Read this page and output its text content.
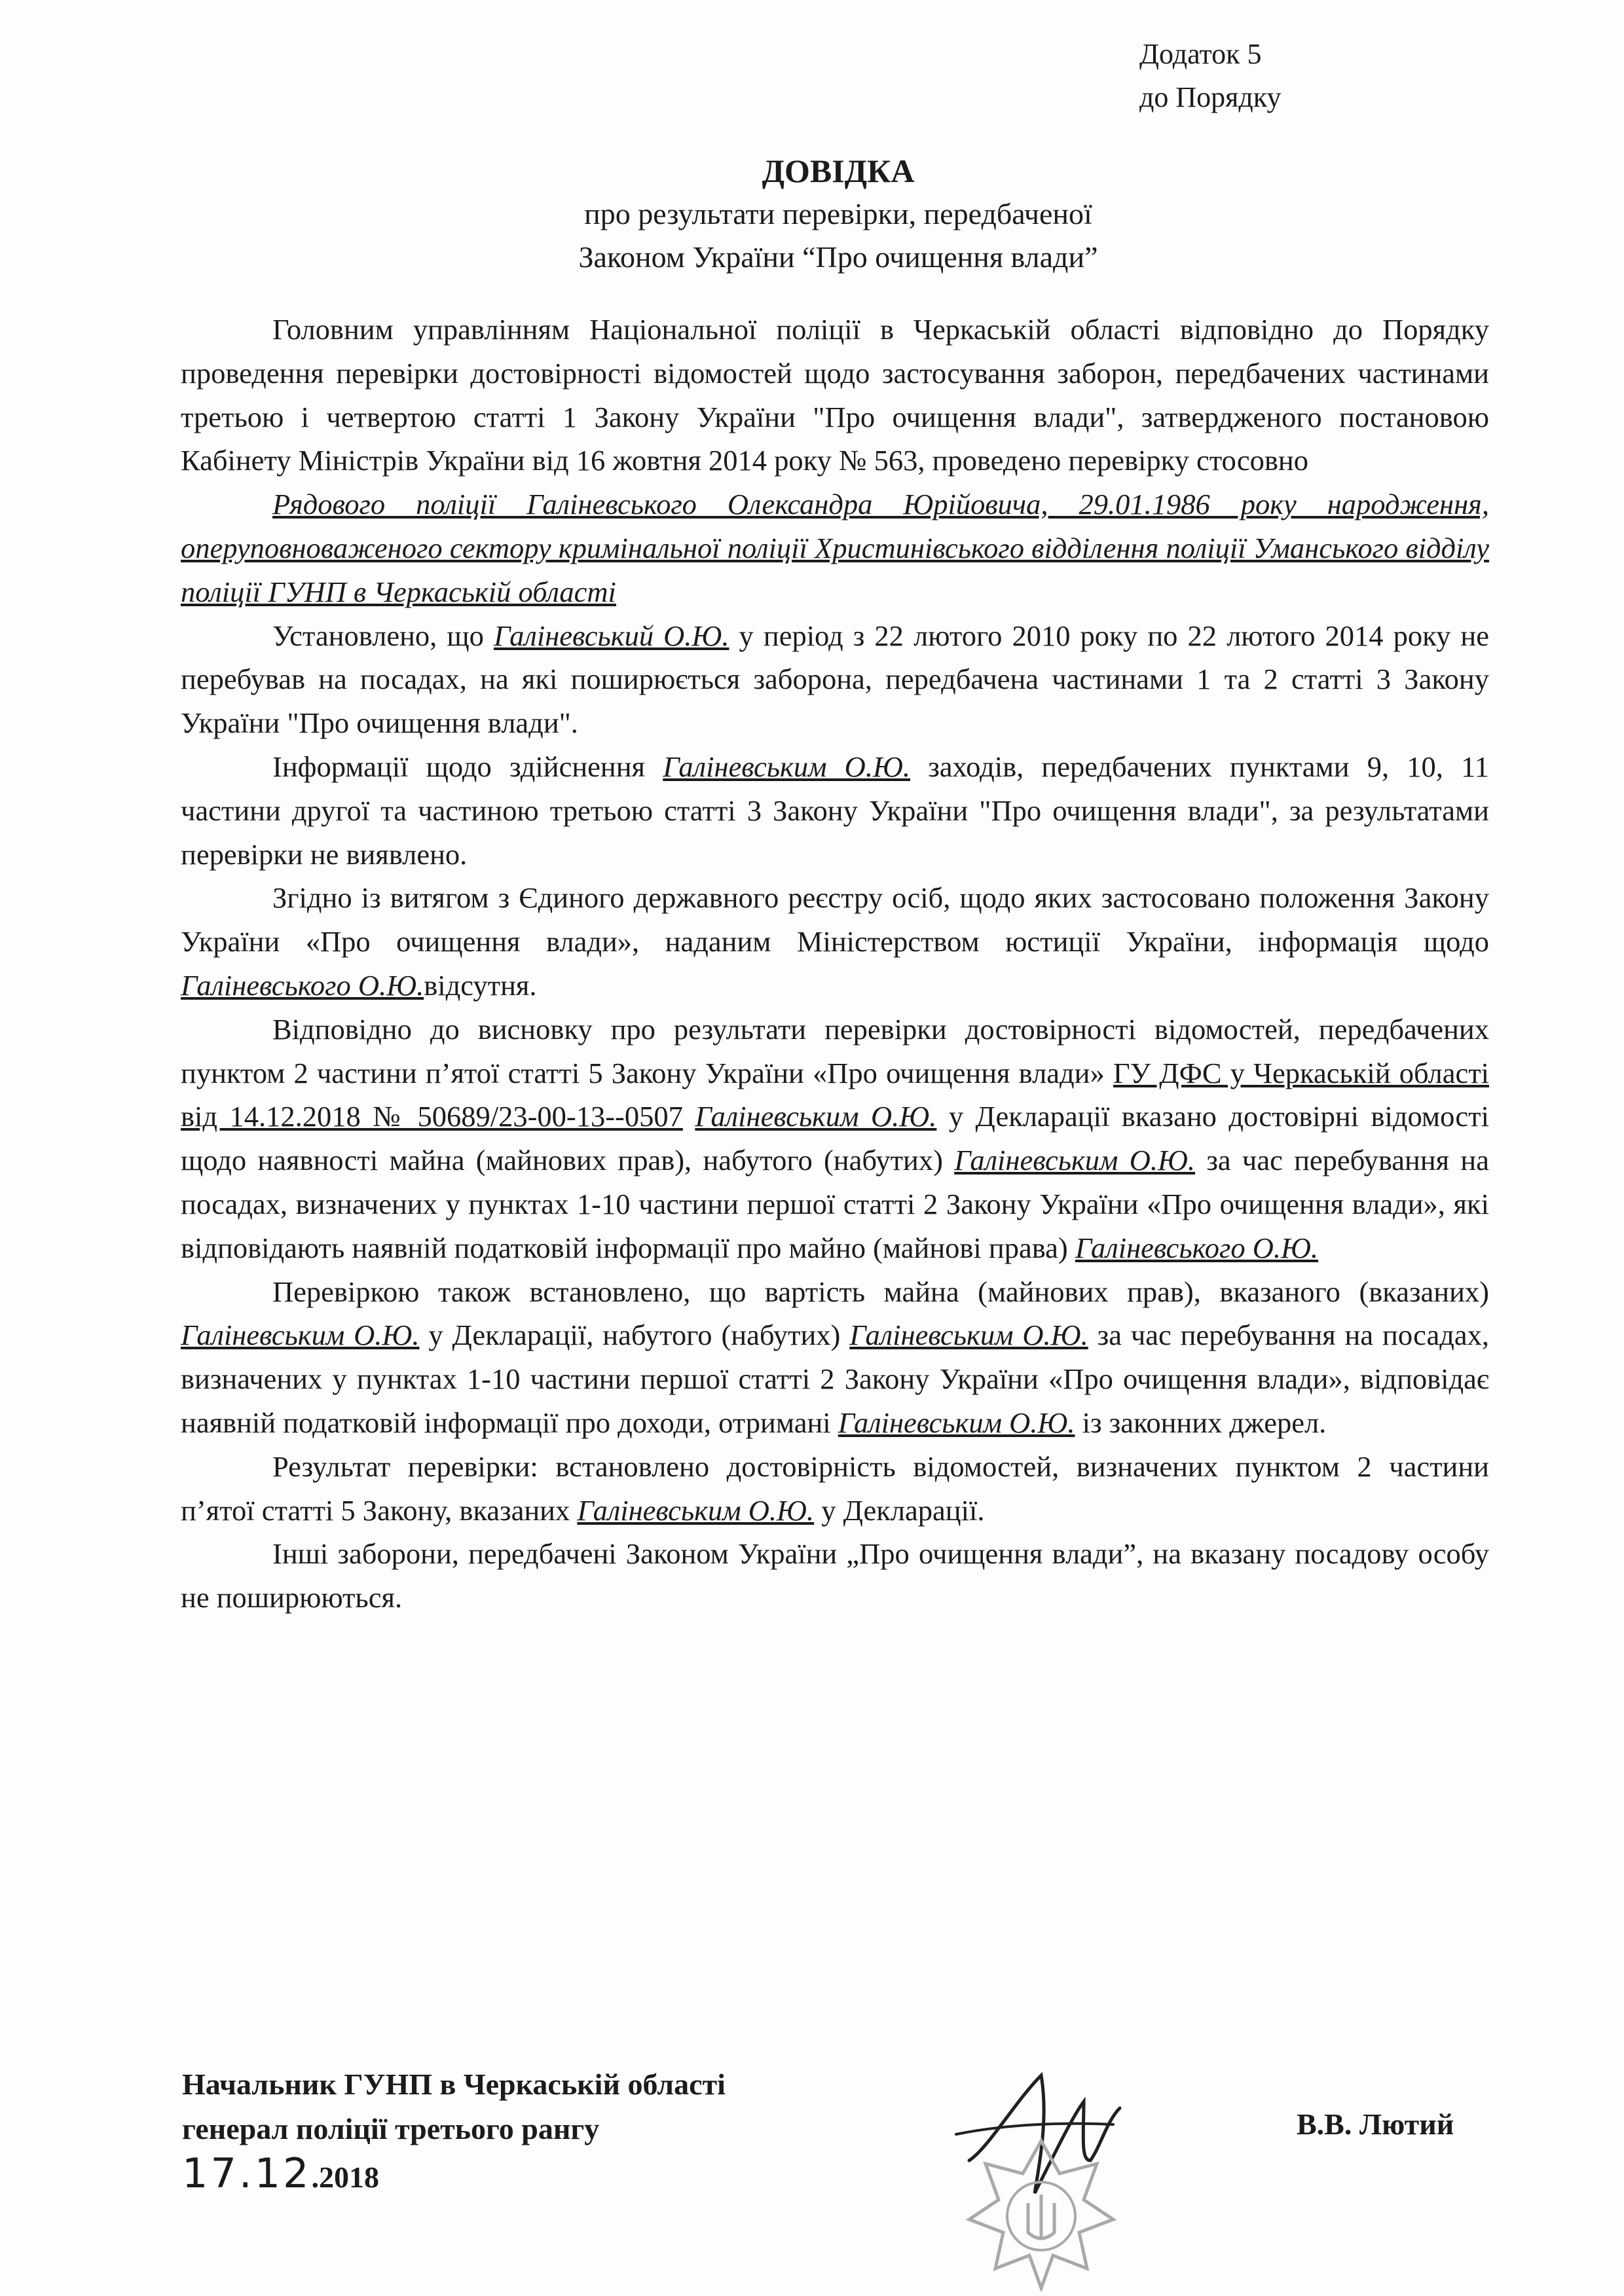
Додаток 5
до Порядку
ДОВІДКА
про результати перевірки, передбаченої
Законом України “Про очищення влади”

Головним управлінням Національної поліції в Черкаській області відповідно до Порядку проведення перевірки достовірності відомостей щодо застосування заборон, передбачених частинами третьою і четвертою статті 1 Закону України "Про очищення влади", затвердженого постановою Кабінету Міністрів України від 16 жовтня 2014 року № 563, проведено перевірку стосовно

Рядового поліції Галіневського Олександра Юрійовича, 29.01.1986 року народження, оперуповноваженого сектору кримінальної поліції Христинівського відділення поліції Уманського відділу поліції ГУНП в Черкаській області

Установлено, що Галіневський О.Ю. у період з 22 лютого 2010 року по 22 лютого 2014 року не перебував на посадах, на які поширюється заборона, передбачена частинами 1 та 2 статті 3 Закону України "Про очищення влади".

Інформації щодо здійснення Галіневським О.Ю. заходів, передбачених пунктами 9, 10, 11 частини другої та частиною третьою статті 3 Закону України "Про очищення влади", за результатами перевірки не виявлено.

Згідно із витягом з Єдиного державного реєстру осіб, щодо яких застосовано положення Закону України «Про очищення влади», наданим Міністерством юстиції України, інформація щодо Галіневського О.Ю.відсутня.

Відповідно до висновку про результати перевірки достовірності відомостей, передбачених пунктом 2 частини п’ятої статті 5 Закону України «Про очищення влади» ГУ ДФС у Черкаській області від 14.12.2018 № 50689/23-00-13--0507 Галіневським О.Ю. у Декларації вказано достовірні відомості щодо наявності майна (майнових прав), набутого (набутих) Галіневським О.Ю. за час перебування на посадах, визначених у пунктах 1-10 частини першої статті 2 Закону України «Про очищення влади», які відповідають наявній податковій інформації про майно (майнові права) Галіневського О.Ю.

Перевіркою також встановлено, що вартість майна (майнових прав), вказаного (вказаних) Галіневським О.Ю. у Декларації, набутого (набутих) Галіневським О.Ю. за час перебування на посадах, визначених у пунктах 1-10 частини першої статті 2 Закону України «Про очищення влади», відповідає наявній податковій інформації про доходи, отримані Галіневським О.Ю. із законних джерел.

Результат перевірки: встановлено достовірність відомостей, визначених пунктом 2 частини п’ятої статті 5 Закону, вказаних Галіневським О.Ю. у Декларації.

Інші заборони, передбачені Законом України „Про очищення влади”, на вказану посадову особу не поширюються.

Начальник ГУНП в Черкаській області
генерал поліції третього рангу
17.12.2018
В.В. Лютий
